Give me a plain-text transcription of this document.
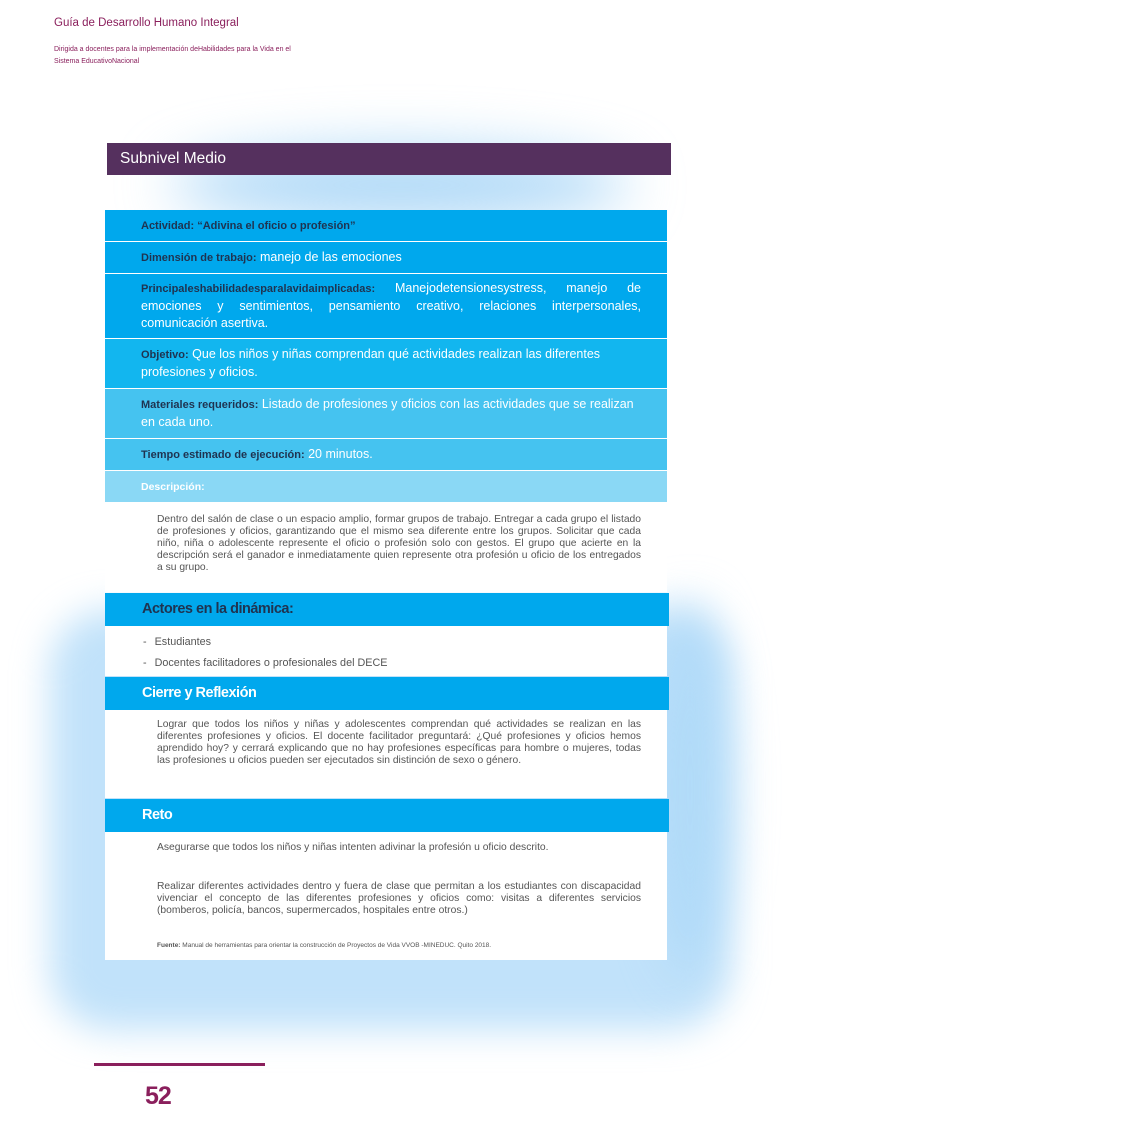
Guía de Desarrollo Humano Integral
Dirigida a docentes para la implementación deHabilidades para la Vida en el Sistema EducativoNacional
Subnivel Medio
Actividad: “Adivina el oficio o profesión”
Dimensión de trabajo: manejo de las emociones
Principaleshabilidadesparalavidaimplicadas: Manejodetensionesystress, manejo de emociones y sentimientos, pensamiento creativo, relaciones interpersonales, comunicación asertiva.
Objetivo: Que los niños y niñas comprendan qué actividades realizan las diferentes profesiones y oficios.
Materiales requeridos: Listado de profesiones y oficios con las actividades que se realizan en cada uno.
Tiempo estimado de ejecución: 20 minutos.
Descripción:

Dentro del salón de clase o un espacio amplio, formar grupos de trabajo. Entregar a cada grupo el listado de profesiones y oficios, garantizando que el mismo sea diferente entre los grupos. Solicitar que cada niño, niña o adolescente represente el oficio o profesión solo con gestos. El grupo que acierte en la descripción será el ganador e inmediatamente quien represente otra profesión u oficio de los entregados a su grupo.

Actores en la dinámica:
- Estudiantes
- Docentes facilitadores o profesionales del DECE
Cierre y Reflexión

Lograr que todos los niños y niñas y adolescentes comprendan qué actividades se realizan en las diferentes profesiones y oficios. El docente facilitador preguntará: ¿Qué profesiones y oficios hemos aprendido hoy? y cerrará explicando que no hay profesiones específicas para hombre o mujeres, todas las profesiones u oficios pueden ser ejecutados sin distinción de sexo o género.

Reto

Asegurarse que todos los niños y niñas intenten adivinar la profesión u oficio descrito.

Realizar diferentes actividades dentro y fuera de clase que permitan a los estudiantes con discapacidad vivenciar el concepto de las diferentes profesiones y oficios como: visitas a diferentes servicios (bomberos, policía, bancos, supermercados, hospitales entre otros.)

Fuente: Manual de herramientas para orientar la construcción de Proyectos de Vida VVOB -MINEDUC. Quito 2018.
52
